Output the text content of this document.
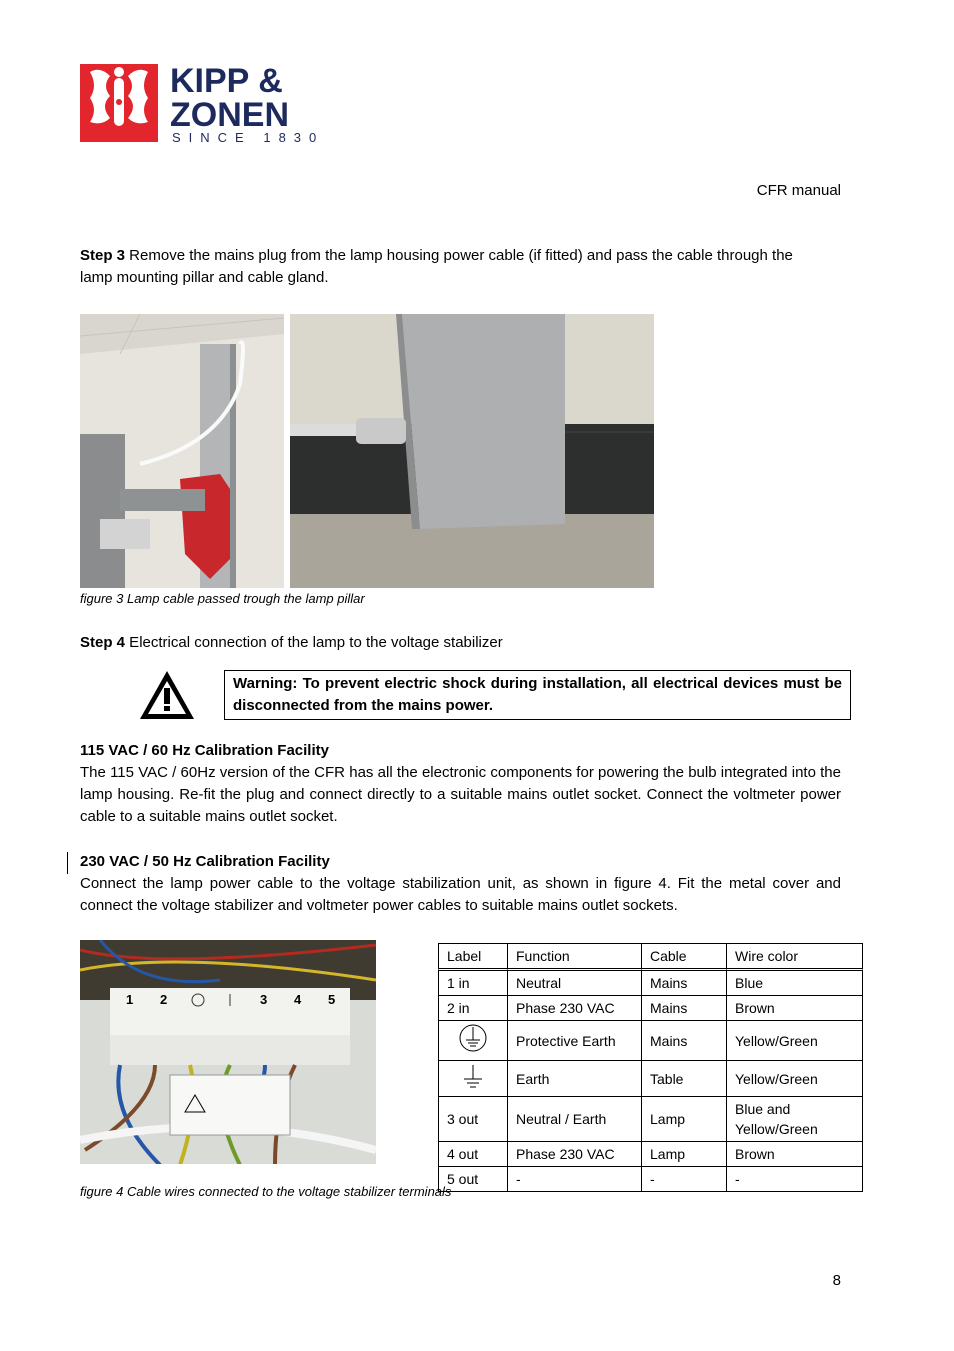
KIPP &
ZONEN
SINCE 1830
CFR manual

Step 3 Remove the mains plug from the lamp housing power cable (if fitted) and pass the cable through the lamp mounting pillar and cable gland.

figure 3 Lamp cable passed trough the lamp pillar

Step 4 Electrical connection of the lamp to the voltage stabilizer

Warning: To prevent electric shock during installation, all electrical devices must be disconnected from the mains power.
115 VAC / 60 Hz Calibration Facility

The 115 VAC / 60Hz version of the CFR has all the electronic components for powering the bulb integrated into the lamp housing. Re-fit the plug and connect directly to a suitable mains outlet socket. Connect the voltmeter power cable to a suitable mains outlet socket.

230 VAC / 50 Hz Calibration Facility

Connect the lamp power cable to the voltage stabilization unit, as shown in figure 4. Fit the metal cover and connect the voltage stabilizer and voltmeter power cables to suitable mains outlet sockets.

1 2	3 4 5
Label	Function	Cable	Wire color
1 in	Neutral	Mains	Blue
2 in	Phase 230 VAC	Mains	Brown
	Protective Earth	Mains	Yellow/Green
	Earth	Table	Yellow/Green
3 out	Neutral / Earth	Lamp	Blue and Yellow/Green
4 out	Phase 230 VAC	Lamp	Brown
5 out	-	-	-
figure 4 Cable wires connected to the voltage stabilizer terminals
8
